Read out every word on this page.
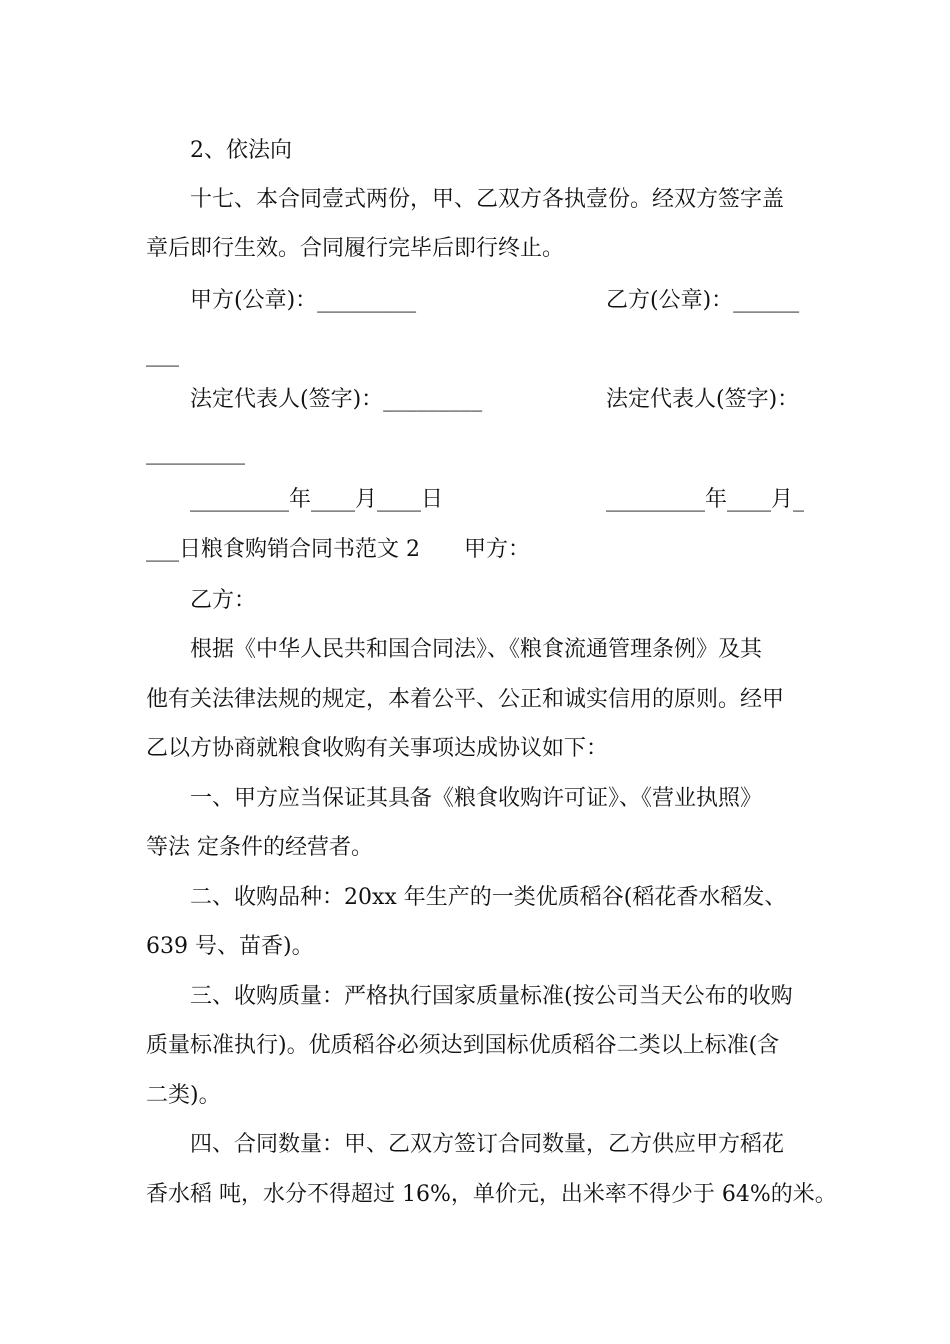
2、依法向
十七、本合同壹式两份，甲、乙双方各执壹份。经双方签字盖
章后即行生效。合同履行完毕后即行终止。
甲方(公章)：_________	乙方(公章)：______
___
法定代表人(签字)：_________	法定代表人(签字)：
_________
_________年____月____日	_________年____月_
___日粮食购销合同书范文 2　　甲方：
乙方：
根据《中华人民共和国合同法》、《粮食流通管理条例》及其
他有关法律法规的规定，本着公平、公正和诚实信用的原则。经甲
乙以方协商就粮食收购有关事项达成协议如下：
一、甲方应当保证其具备《粮食收购许可证》、《营业执照》
等法 定条件的经营者。
二、收购品种：20xx 年生产的一类优质稻谷(稻花香水稻发、
639 号、苗香)。
三、收购质量：严格执行国家质量标准(按公司当天公布的收购
质量标准执行)。优质稻谷必须达到国标优质稻谷二类以上标准(含
二类)。
四、合同数量：甲、乙双方签订合同数量，乙方供应甲方稻花
香水稻 吨，水分不得超过 16%，单价元，出米率不得少于 64%的米。
